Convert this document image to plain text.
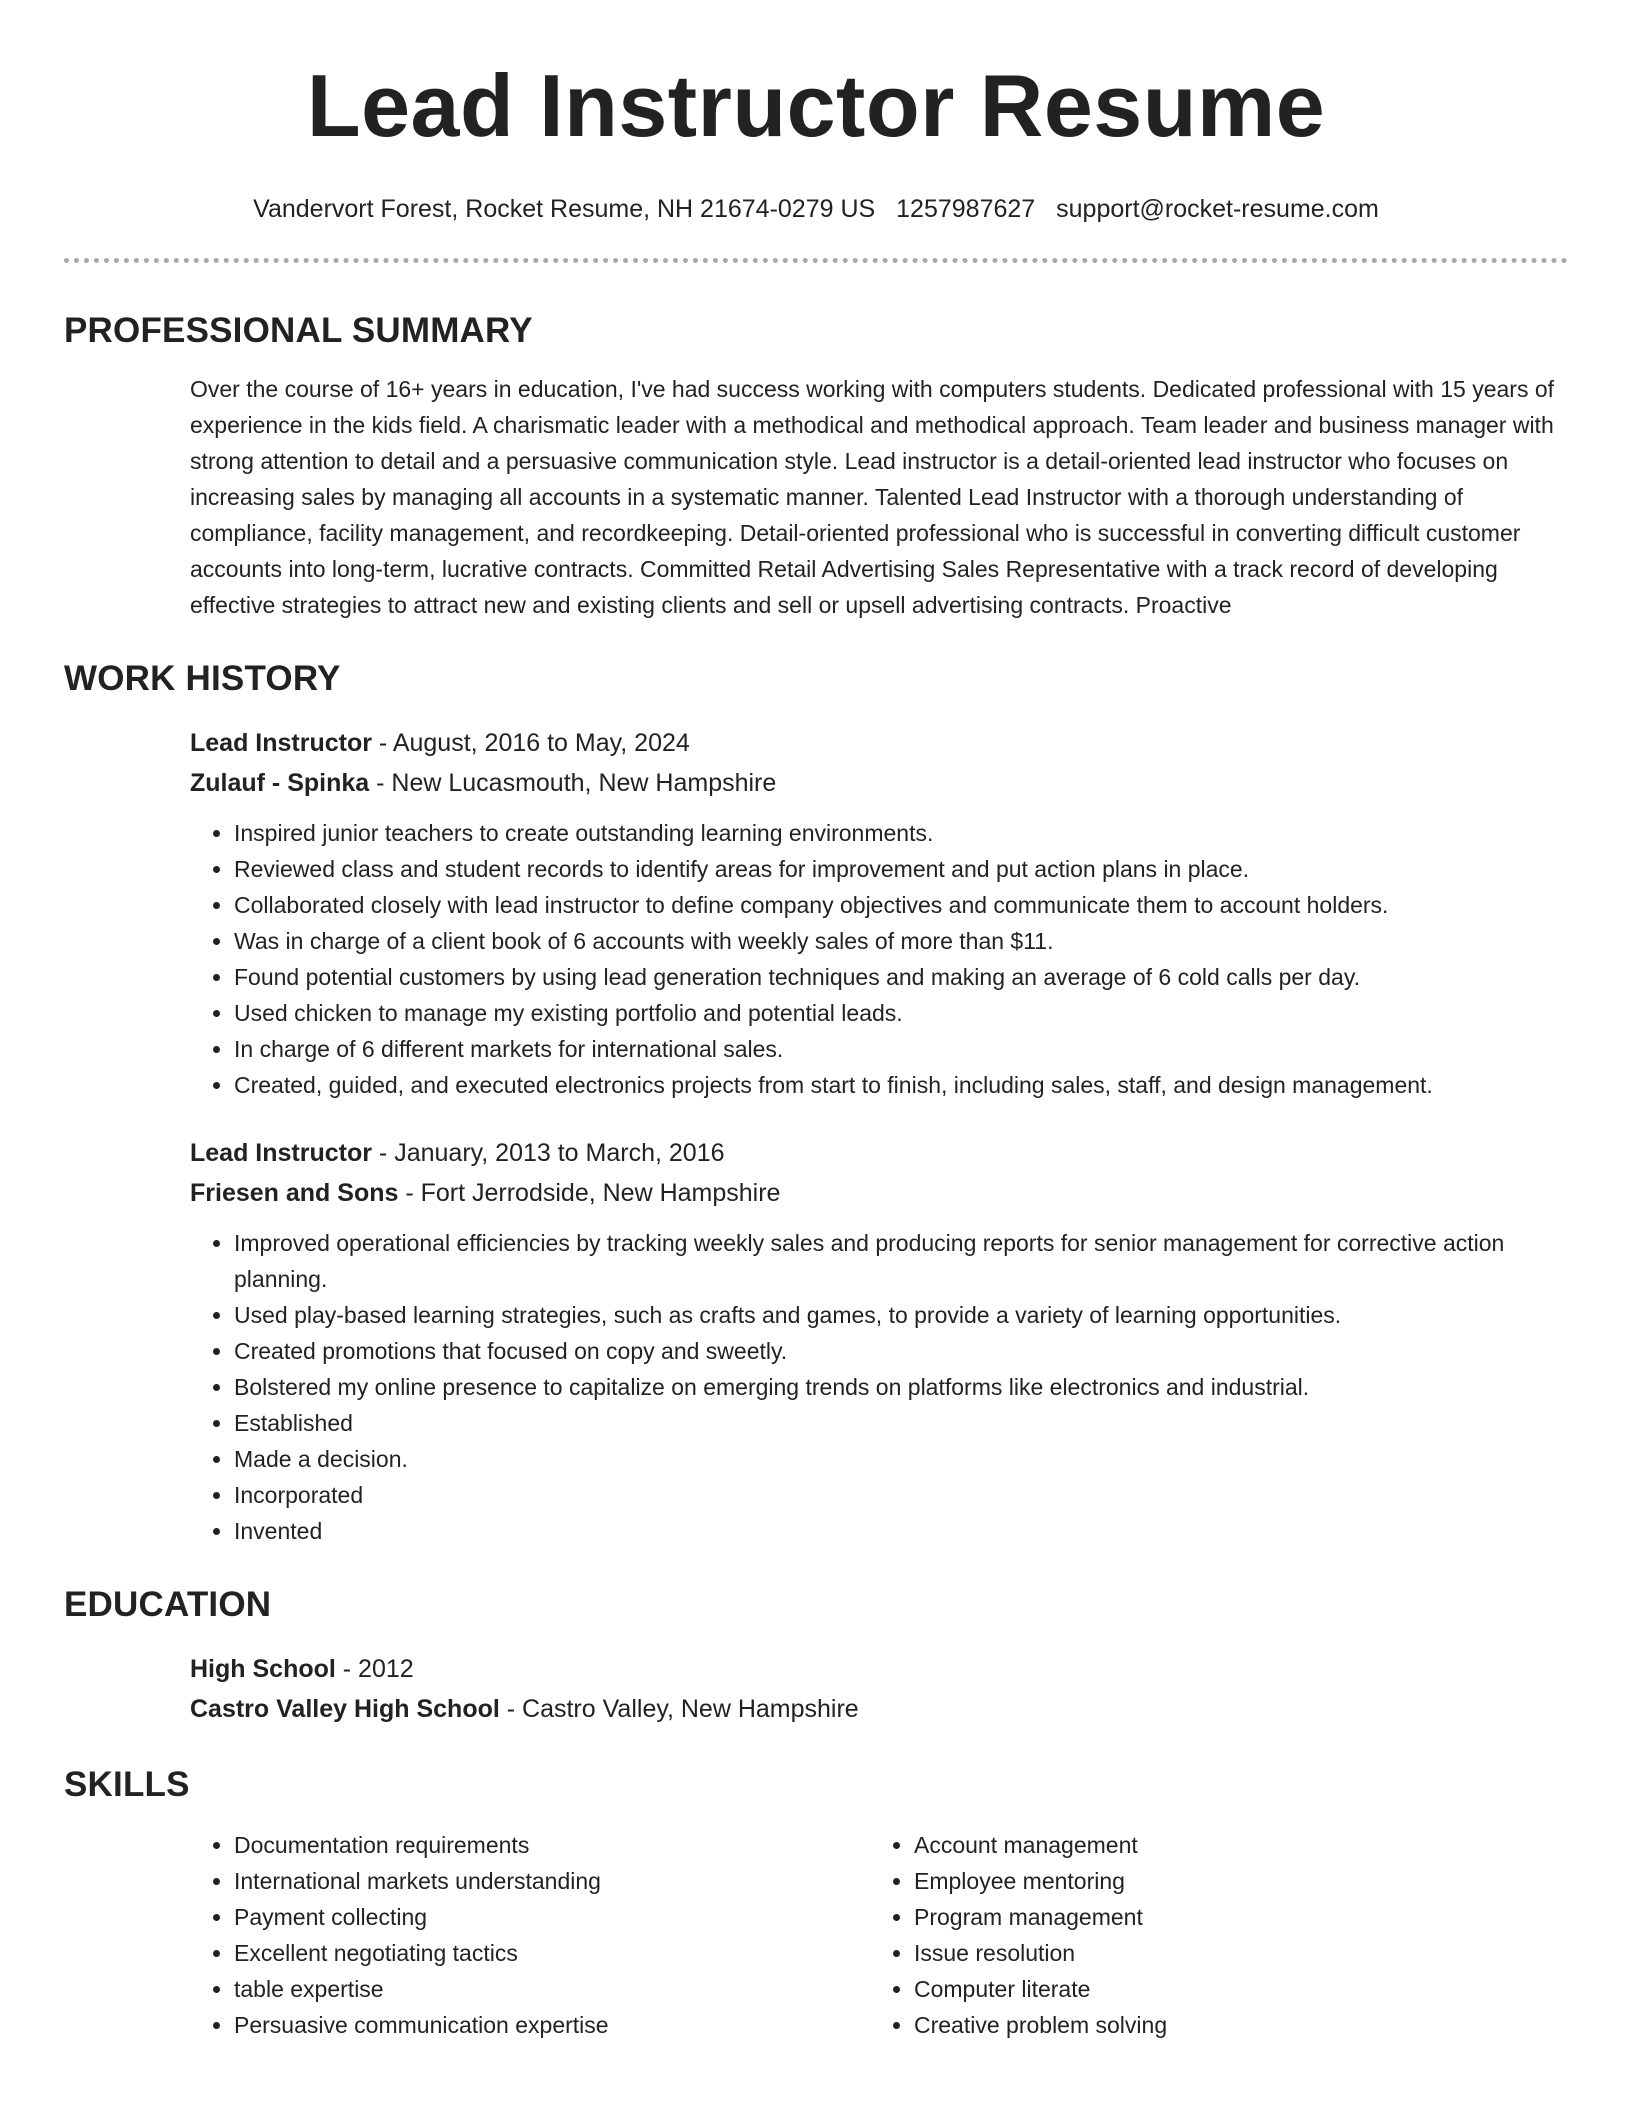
Lead Instructor Resume
Vandervort Forest, Rocket Resume, NH 21674-0279 US 1257987627 support@rocket-resume.com
PROFESSIONAL SUMMARY

Over the course of 16+ years in education, I've had success working with computers students. Dedicated professional with 15 years of experience in the kids field. A charismatic leader with a methodical and methodical approach. Team leader and business manager with strong attention to detail and a persuasive communication style. Lead instructor is a detail-oriented lead instructor who focuses on increasing sales by managing all accounts in a systematic manner. Talented Lead Instructor with a thorough understanding of compliance, facility management, and recordkeeping. Detail-oriented professional who is successful in converting difficult customer accounts into long-term, lucrative contracts. Committed Retail Advertising Sales Representative with a track record of developing effective strategies to attract new and existing clients and sell or upsell advertising contracts. Proactive

WORK HISTORY
Lead Instructor - August, 2016 to May, 2024
Zulauf - Spinka - New Lucasmouth, New Hampshire
• Inspired junior teachers to create outstanding learning environments.
• Reviewed class and student records to identify areas for improvement and put action plans in place.
• Collaborated closely with lead instructor to define company objectives and communicate them to account holders.
• Was in charge of a client book of 6 accounts with weekly sales of more than $11.
• Found potential customers by using lead generation techniques and making an average of 6 cold calls per day.
• Used chicken to manage my existing portfolio and potential leads.
• In charge of 6 different markets for international sales.
• Created, guided, and executed electronics projects from start to finish, including sales, staff, and design management.
Lead Instructor - January, 2013 to March, 2016
Friesen and Sons - Fort Jerrodside, New Hampshire
• Improved operational efficiencies by tracking weekly sales and producing reports for senior management for corrective action planning.
• Used play-based learning strategies, such as crafts and games, to provide a variety of learning opportunities.
• Created promotions that focused on copy and sweetly.
• Bolstered my online presence to capitalize on emerging trends on platforms like electronics and industrial.
• Established
• Made a decision.
• Incorporated
• Invented
EDUCATION
High School - 2012
Castro Valley High School - Castro Valley, New Hampshire
SKILLS
• Documentation requirements
• International markets understanding
• Payment collecting
• Excellent negotiating tactics
• table expertise
• Persuasive communication expertise
• Account management
• Employee mentoring
• Program management
• Issue resolution
• Computer literate
• Creative problem solving
